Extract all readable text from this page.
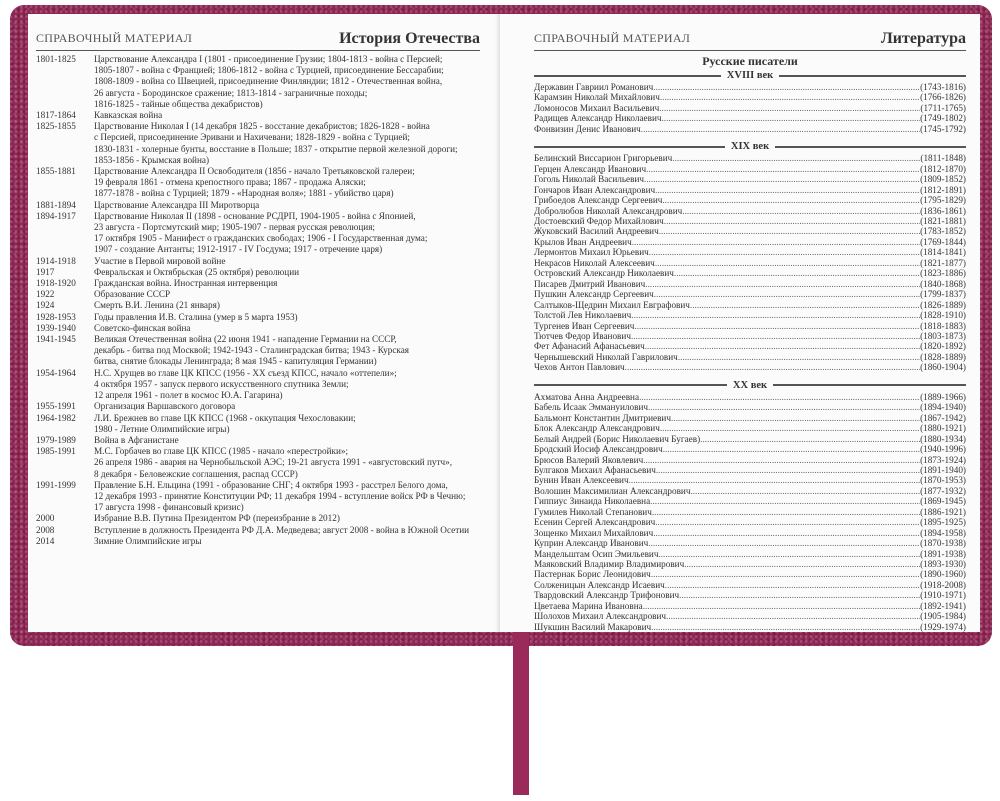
СПРАВОЧНЫЙ МАТЕРИАЛ	История Отечества
1801-1825	Царствование Александра I (1801 - присоединение Грузии; 1804-1813 - война с Персией;
1805-1807 - война с Францией; 1806-1812 - война с Турцией, присоединение Бессарабии;
1808-1809 - война со Швецией, присоединение Финляндии; 1812 - Отечественная война,
26 августа - Бородинское сражение; 1813-1814 - заграничные походы;
1816-1825 - тайные общества декабристов)
1817-1864	Кавказская война
1825-1855	Царствование Николая I (14 декабря 1825 - восстание декабристов; 1826-1828 - война
с Персией, присоединение Эривани и Нахичевани; 1828-1829 - война с Турцией;
1830-1831 - холерные бунты, восстание в Польше; 1837 - открытие первой железной дороги;
1853-1856 - Крымская война)
1855-1881	Царствование Александра II Освободителя (1856 - начало Третьяковской галереи;
19 февраля 1861 - отмена крепостного права; 1867 - продажа Аляски;
1877-1878 - война с Турцией; 1879 - «Народная воля»; 1881 - убийство царя)
1881-1894	Царствование Александра III Миротворца
1894-1917	Царствование Николая II (1898 - основание РСДРП, 1904-1905 - война с Японией,
23 августа - Портсмутский мир; 1905-1907 - первая русская революция;
17 октября 1905 - Манифест о гражданских свободах; 1906 - I Государственная дума;
1907 - создание Антанты; 1912-1917 - IV Госдума; 1917 - отречение царя)
1914-1918	Участие в Первой мировой войне
1917	Февральская и Октябрьская (25 октября) революции
1918-1920	Гражданская война. Иностранная интервенция
1922	Образование СССР
1924	Смерть В.И. Ленина (21 января)
1928-1953	Годы правления И.В. Сталина (умер в 5 марта 1953)
1939-1940	Советско-финская война
1941-1945	Великая Отечественная война (22 июня 1941 - нападение Германии на СССР,
декабрь - битва под Москвой; 1942-1943 - Сталинградская битва; 1943 - Курская
битва, снятие блокады Ленинграда; 8 мая 1945 - капитуляция Германии)
1954-1964	Н.С. Хрущев во главе ЦК КПСС (1956 - XX съезд КПСС, начало «оттепели»;
4 октября 1957 - запуск первого искусственного спутника Земли;
12 апреля 1961 - полет в космос Ю.А. Гагарина)
1955-1991	Организация Варшавского договора
1964-1982	Л.И. Брежнев во главе ЦК КПСС (1968 - оккупация Чехословакии;
1980 - Летние Олимпийские игры)
1979-1989	Война в Афганистане
1985-1991	М.С. Горбачев во главе ЦК КПСС (1985 - начало «перестройки»;
26 апреля 1986 - авария на Чернобыльской АЭС; 19-21 августа 1991 - «августовский путч»,
8 декабря - Беловежские соглашения, распад СССР)
1991-1999	Правление Б.Н. Ельцина (1991 - образование СНГ; 4 октября 1993 - расстрел Белого дома,
12 декабря 1993 - принятие Конституции РФ; 11 декабря 1994 - вступление войск РФ в Чечню;
17 августа 1998 - финансовый кризис)
2000	Избрание В.В. Путина Президентом РФ (переизбрание в 2012)
2008	Вступление в должность Президента РФ Д.А. Медведева; август 2008 - война в Южной Осетии
2014	Зимние Олимпийские игры
СПРАВОЧНЫЙ МАТЕРИАЛ	Литература
Русские писатели
XVIII век
Державин Гавриил Романович .....	(1743-1816)
Карамзин Николай Михайлович .....	(1766-1826)
Ломоносов Михаил Васильевич .....	(1711-1765)
Радищев Александр Николаевич .....	(1749-1802)
Фонвизин Денис Иванович .....	(1745-1792)
XIX век
Белинский Виссарион Григорьевич .....	(1811-1848)
Герцен Александр Иванович .....	(1812-1870)
Гоголь Николай Васильевич .....	(1809-1852)
Гончаров Иван Александрович .....	(1812-1891)
Грибоедов Александр Сергеевич .....	(1795-1829)
Добролюбов Николай Александрович .....	(1836-1861)
Достоевский Федор Михайлович .....	(1821-1881)
Жуковский Василий Андреевич .....	(1783-1852)
Крылов Иван Андреевич .....	(1769-1844)
Лермонтов Михаил Юрьевич .....	(1814-1841)
Некрасов Николай Алексеевич .....	(1821-1877)
Островский Александр Николаевич .....	(1823-1886)
Писарев Дмитрий Иванович .....	(1840-1868)
Пушкин Александр Сергеевич .....	(1799-1837)
Салтыков-Щедрин Михаил Евграфович .....	(1826-1889)
Толстой Лев Николаевич .....	(1828-1910)
Тургенев Иван Сергеевич .....	(1818-1883)
Тютчев Федор Иванович .....	(1803-1873)
Фет Афанасий Афанасьевич .....	(1820-1892)
Чернышевский Николай Гаврилович .....	(1828-1889)
Чехов Антон Павлович .....	(1860-1904)
XX век
Ахматова Анна Андреевна .....	(1889-1966)
Бабель Исаак Эммануилович .....	(1894-1940)
Бальмонт Константин Дмитриевич .....	(1867-1942)
Блок Александр Александрович .....	(1880-1921)
Белый Андрей (Борис Николаевич Бугаев) .....	(1880-1934)
Бродский Иосиф Александрович .....	(1940-1996)
Брюсов Валерий Яковлевич .....	(1873-1924)
Булгаков Михаил Афанасьевич .....	(1891-1940)
Бунин Иван Алексеевич .....	(1870-1953)
Волошин Максимилиан Александрович .....	(1877-1932)
Гиппиус Зинаида Николаевна .....	(1869-1945)
Гумилев Николай Степанович .....	(1886-1921)
Есенин Сергей Александрович .....	(1895-1925)
Зощенко Михаил Михайлович .....	(1894-1958)
Куприн Александр Иванович .....	(1870-1938)
Мандельштам Осип Эмильевич .....	(1891-1938)
Маяковский Владимир Владимирович .....	(1893-1930)
Пастернак Борис Леонидович .....	(1890-1960)
Солженицын Александр Исаевич .....	(1918-2008)
Твардовский Александр Трифонович .....	(1910-1971)
Цветаева Марина Ивановна .....	(1892-1941)
Шолохов Михаил Александрович .....	(1905-1984)
Шукшин Василий Макарович .....	(1929-1974)
